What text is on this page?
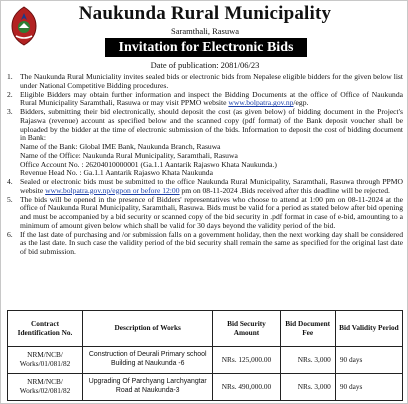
Naukunda Rural Municipality
Saramthali, Rasuwa
Invitation for Electronic Bids
Date of publication: 2081/06/23
1. The Naukunda Rural Municiality invites sealed bids or electronic bids from Nepalese eligible bidders for the given below list under National Competitive Bidding procedures.
2. Eligible Bidders may obtain further information and inspect the Bidding Documents at the office of Office of Naukunda Rural Municipality Saramthali, Rasuwa or may visit PPMO website www.bolpatra.gov.np/egp.
3. Bidders, submitting their bid electronically, should deposit the cost (as given below) of bidding document in the Project's Rajaswa (revenue) account as specified below and the scanned copy (pdf format) of the Bank deposit voucher shall be uploaded by the bidder at the time of electronic submission of the bids. Information to deposit the cost of bidding document in Bank:
Name of the Bank: Global IME Bank, Naukunda Branch, Rasuwa
Name of the Office: Naukunda Rural Municipality, Saramthali, Rasuwa
Office Account No. : 26204010000001 (Ga.1.1 Aantarik Rajaswo Khata Naukunda.)
Revenue Head No. : Ga.1.1 Aantarik Rajaswo Khata Naukunda
4. Sealed or electronic bids must be submitted to the office Naukunda Rural Municipality, Saramthali, Rasuwa through PPMO website www.bolpatra.gov.np/egpon or before 12:00 pm on 08-11-2024 .Bids received after this deadline will be rejected.
5. The bids will be opened in the presence of Bidders' representatives who choose to attend at 1:00 pm on 08-11-2024 at the office of Naukunda Rural Municipality, Saramthali, Rasuwa. Bids must be valid for a period as stated below after bid opening and must be accompanied by a bid security or scanned copy of the bid security in .pdf format in case of e-bid, amounting to a minimum of amount given below which shall be valid for 30 days beyond the validity period of the bid.
6. If the last date of purchasing and /or submission falls on a government holiday, then the next working day shall be considered as the last date. In such case the validity period of the bid security shall remain the same as specified for the original last date of bid submission.
Contract Identification No.	Description of Works	Bid Security Amount	Bid Document Fee	Bid Validity Period
NRM/NCB/ Works/01/081/82	Construction of Deurali Primary school Building at Naukunda -6	NRs. 125,000.00	NRs. 3,000	90 days
NRM/NCB/ Works/02/081/82	Upgrading Of Parchyang Larchyangtar Road at Naukunda-3	NRs. 490,000.00	NRs. 3,000	90 days
